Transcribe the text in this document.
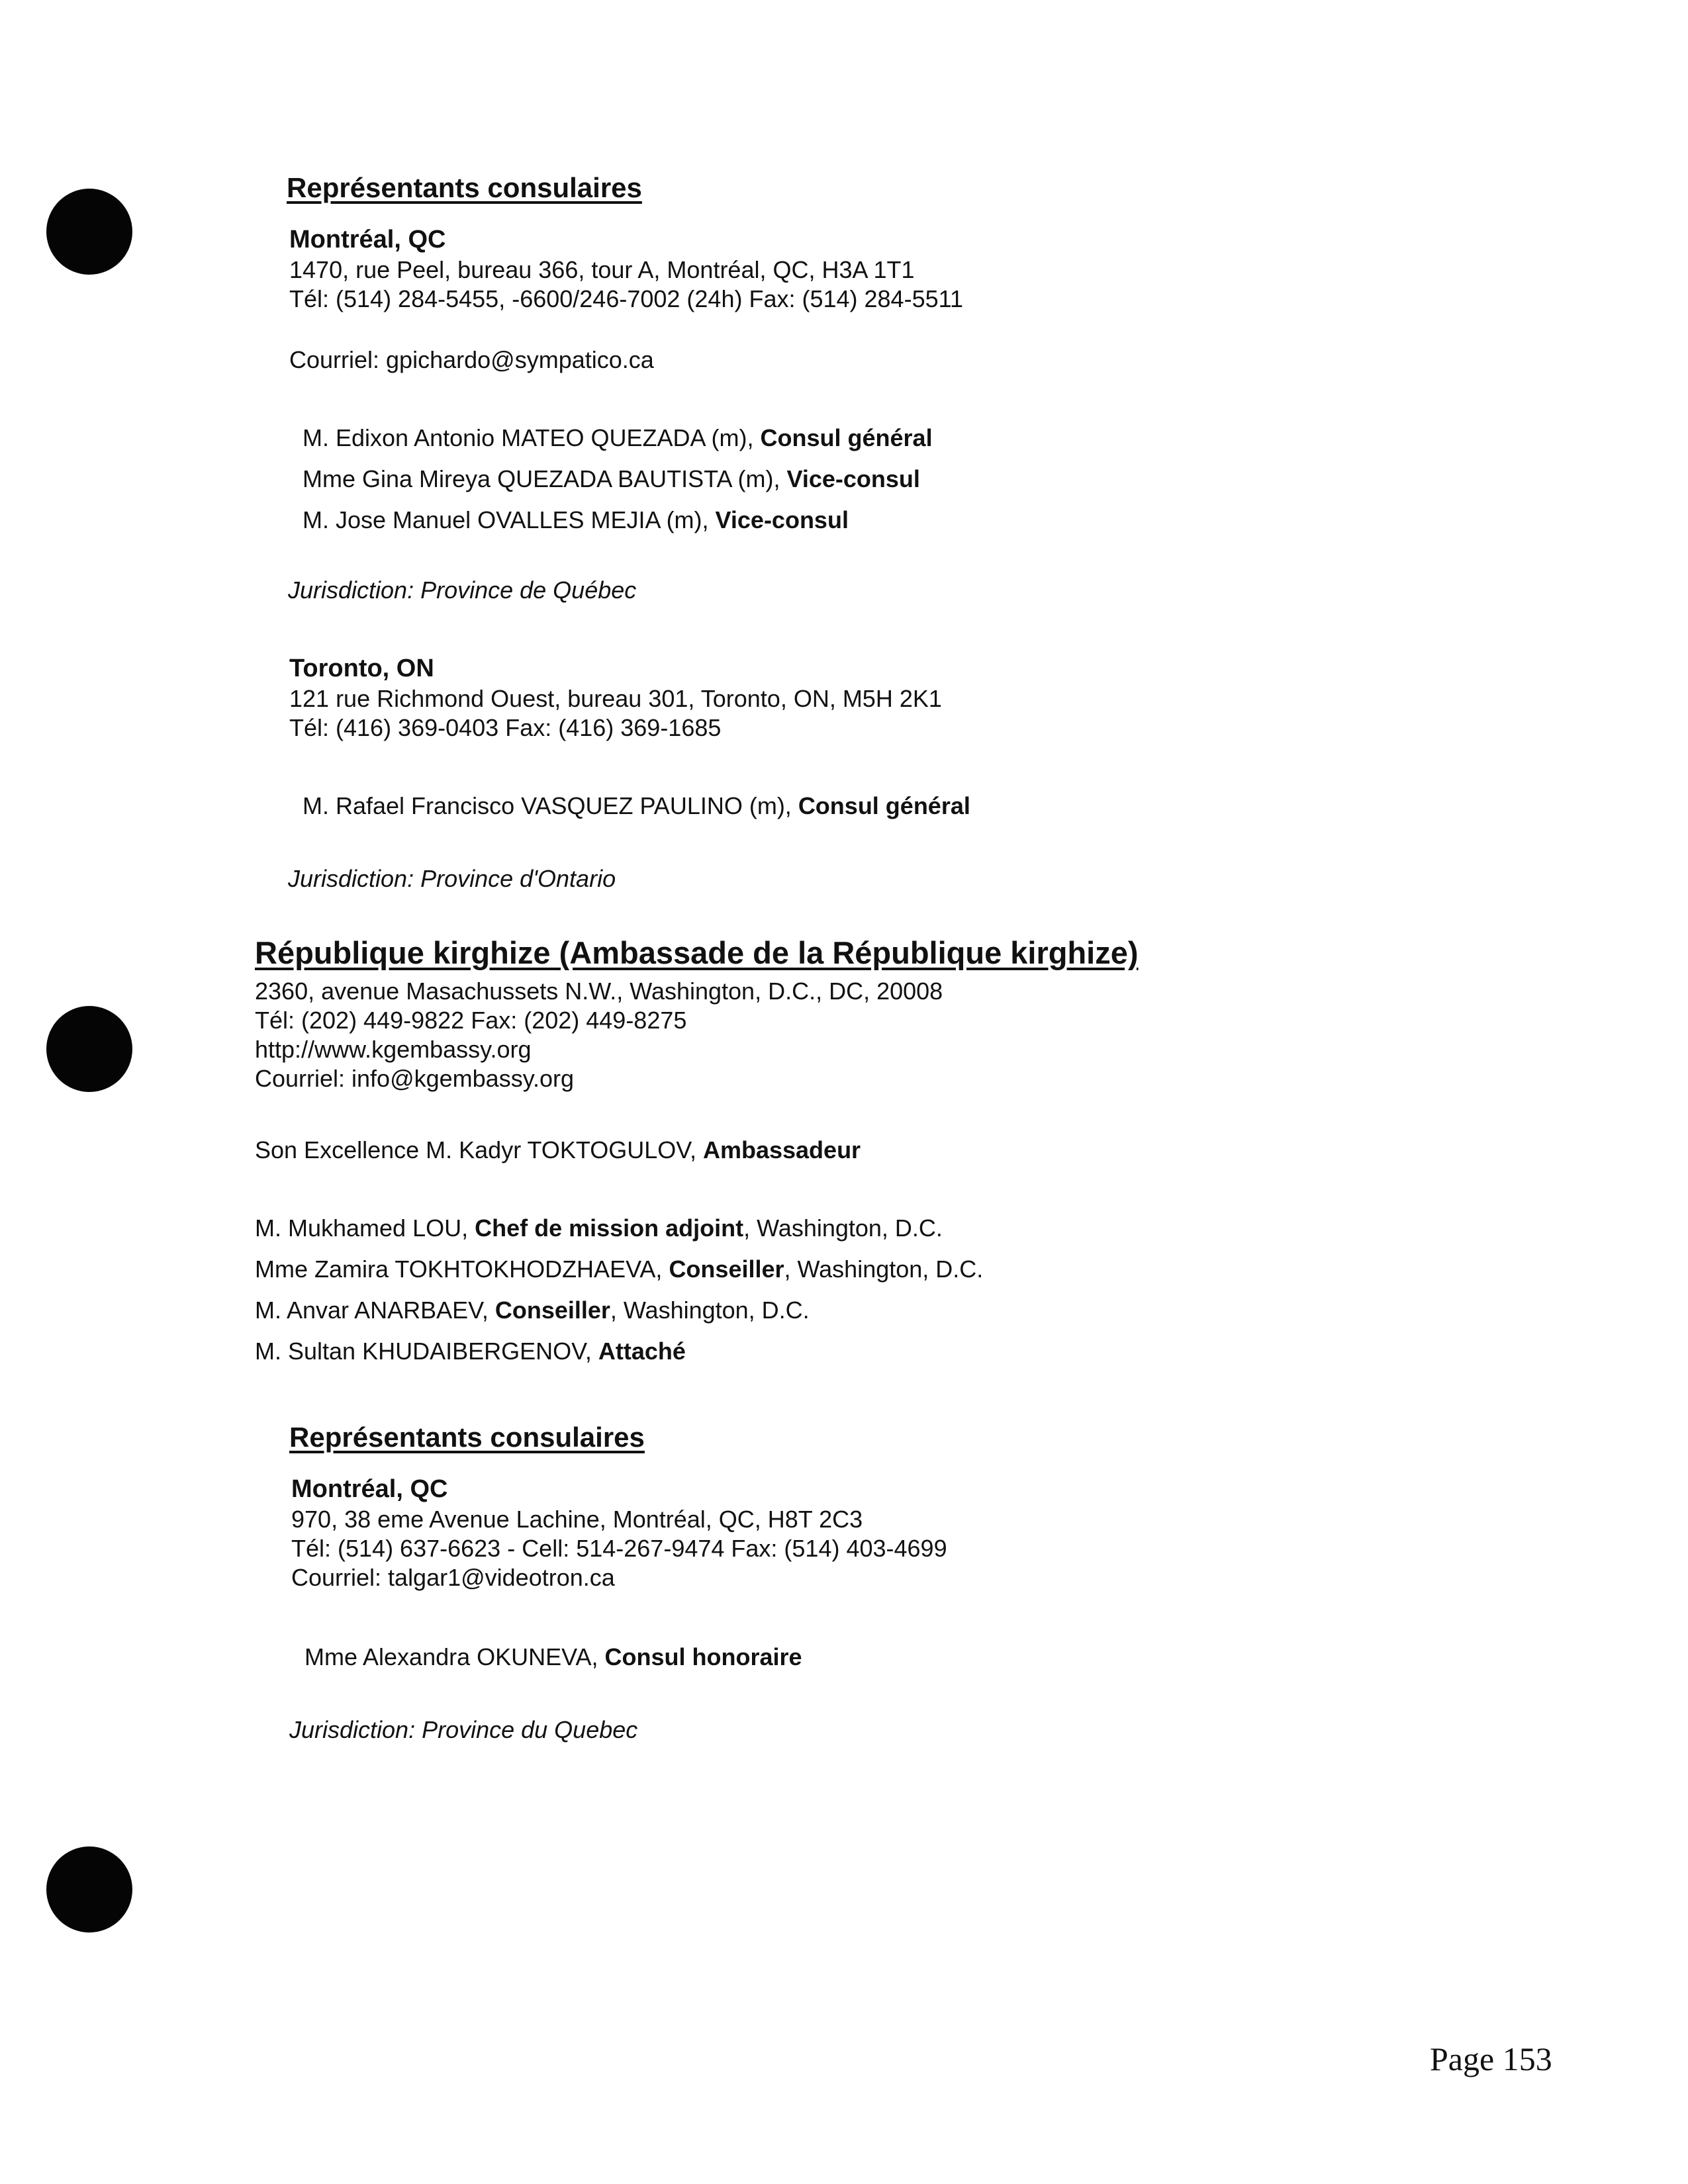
Représentants consulaires
Montréal, QC
1470, rue Peel, bureau 366, tour A, Montréal, QC, H3A 1T1
Tél: (514) 284-5455, -6600/246-7002 (24h) Fax: (514) 284-5511
Courriel: gpichardo@sympatico.ca
M. Edixon Antonio MATEO QUEZADA (m), Consul général
Mme Gina Mireya QUEZADA BAUTISTA (m), Vice-consul
M. Jose Manuel OVALLES MEJIA (m), Vice-consul
Jurisdiction: Province de Québec
Toronto, ON
121 rue Richmond Ouest, bureau 301, Toronto, ON, M5H 2K1
Tél: (416) 369-0403 Fax: (416) 369-1685
M. Rafael Francisco VASQUEZ PAULINO (m), Consul général
Jurisdiction: Province d'Ontario
République kirghize (Ambassade de la République kirghize)
2360, avenue Masachussets N.W., Washington, D.C., DC, 20008
Tél: (202) 449-9822 Fax: (202) 449-8275
http://www.kgembassy.org
Courriel: info@kgembassy.org
Son Excellence M. Kadyr TOKTOGULOV, Ambassadeur
M. Mukhamed LOU, Chef de mission adjoint, Washington, D.C.
Mme Zamira TOKHTOKHODZHAEVA, Conseiller, Washington, D.C.
M. Anvar ANARBAEV, Conseiller, Washington, D.C.
M. Sultan KHUDAIBERGENOV, Attaché
Représentants consulaires
Montréal, QC
970, 38 eme Avenue Lachine, Montréal, QC, H8T 2C3
Tél: (514) 637-6623 - Cell: 514-267-9474 Fax: (514) 403-4699
Courriel: talgar1@videotron.ca
Mme Alexandra OKUNEVA, Consul honoraire
Jurisdiction: Province du Quebec
Page 153
